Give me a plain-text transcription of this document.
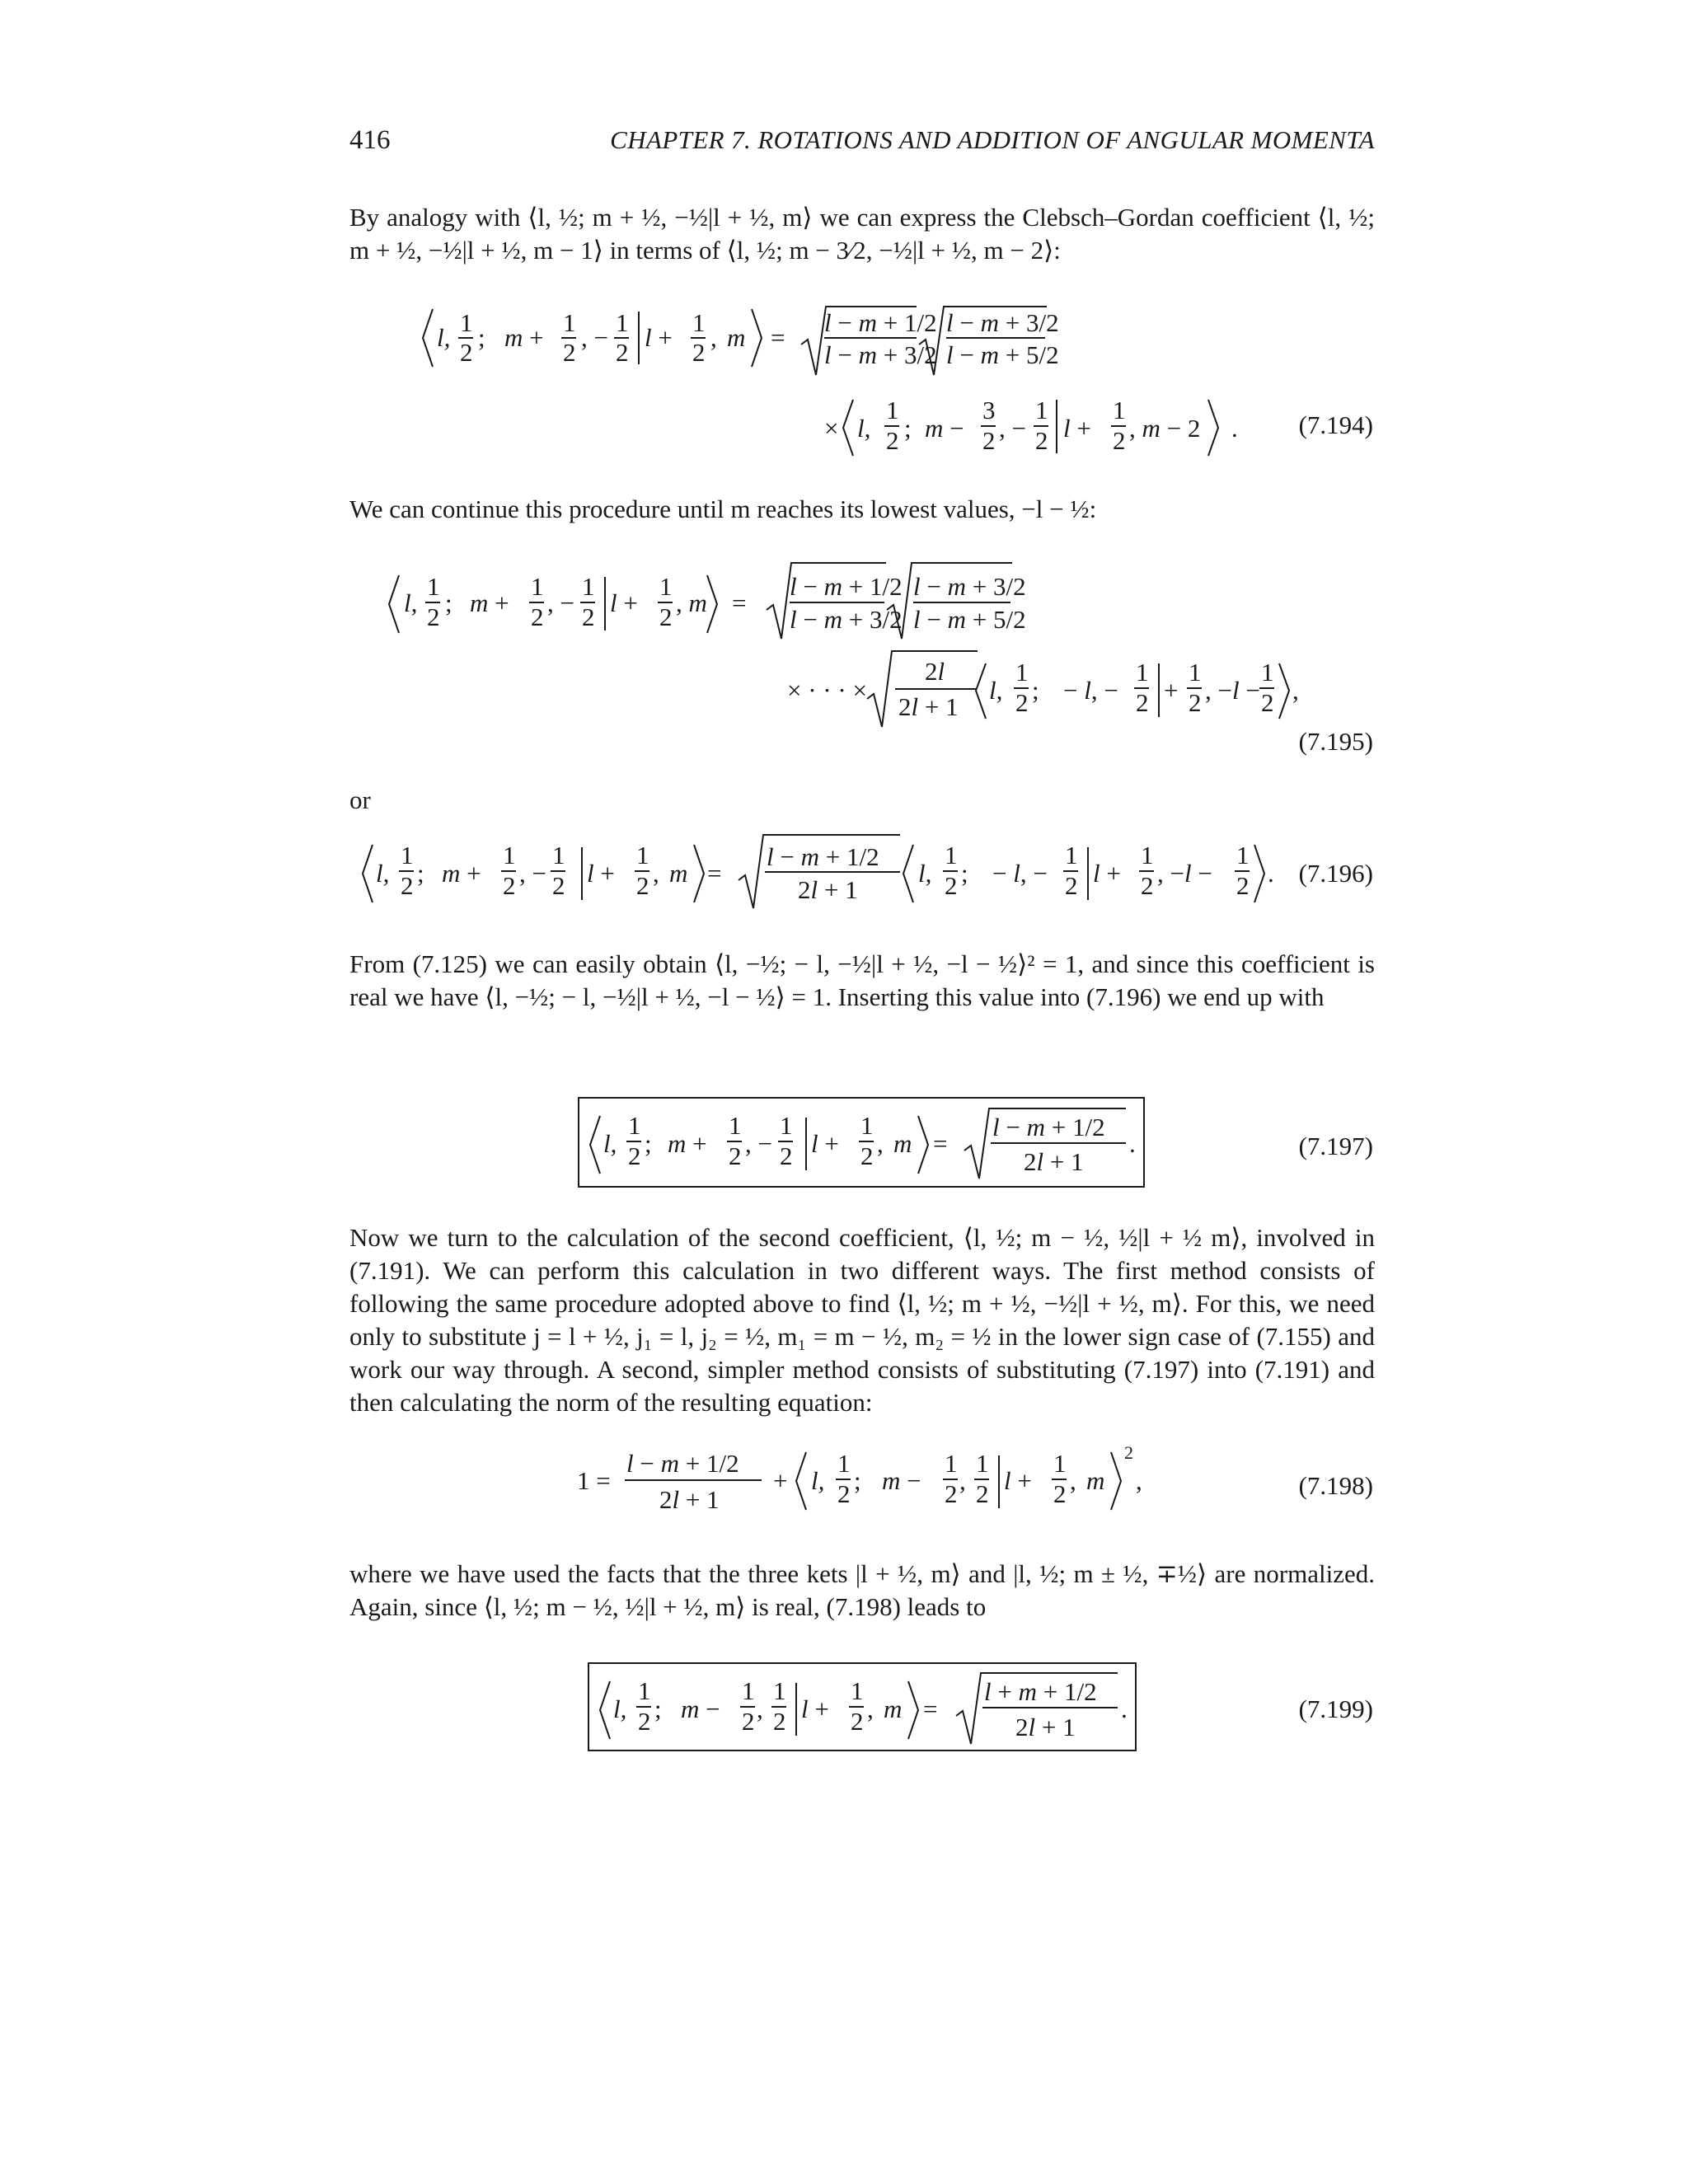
416	CHAPTER 7. ROTATIONS AND ADDITION OF ANGULAR MOMENTA
By analogy with ⟨l, ½; m + ½, −½|l + ½, m⟩ we can express the Clebsch–Gordan coefficient ⟨l, ½; m + ½, −½|l + ½, m − 1⟩ in terms of ⟨l, ½; m − 3⁄2, −½|l + ½, m − 2⟩:
We can continue this procedure until m reaches its lowest values, −l − ½:
or
From (7.125) we can easily obtain ⟨l, −½; − l, −½|l + ½, −l − ½⟩² = 1, and since this coefficient is real we have ⟨l, −½; − l, −½|l + ½, −l − ½⟩ = 1. Inserting this value into (7.196) we end up with
Now we turn to the calculation of the second coefficient, ⟨l, ½; m − ½, ½|l + ½ m⟩, involved in (7.191). We can perform this calculation in two different ways. The first method consists of following the same procedure adopted above to find ⟨l, ½; m + ½, −½|l + ½, m⟩. For this, we need only to substitute j = l + ½, j₁ = l, j₂ = ½, m₁ = m − ½, m₂ = ½ in the lower sign case of (7.155) and work our way through. A second, simpler method consists of substituting (7.197) into (7.191) and then calculating the norm of the resulting equation:
where we have used the facts that the three kets |l + ½, m⟩ and |l, ½; m ± ½, ∓½⟩ are normalized. Again, since ⟨l, ½; m − ½, ½|l + ½, m⟩ is real, (7.198) leads to
(7.194)
(7.195)
(7.196)
(7.197)
(7.198)
(7.199)
l,
1
2
; m +
1
2
, −
1
2
l +
1
2
, m =
l − m + 1/2
l − m + 3/2
l − m + 3/2
l − m + 5/2
× l,
1
2 ; m −
3
2 , −
1
2 l +
1
2 , m − 2 .
l,
1
2 ; m +
1
2 , −
1
2 l +
1
2 , m =
l − m + 1/2
l − m + 3/2
l − m + 3/2
l − m + 5/2
× · · · ×
2l
2l + 1
l,
1
2 ; − l, −
1
2 +
1
2 , −l −
1
2 ,
l,
1
2 ; m +
1
2 , −
1
2 l +
1
2 , m =
l − m + 1/2
2l + 1
l,
1
2 ; − l, −
1
2 l +
1
2 , −l −
1
2 .
l,
1
2 ; m +
1
2 , −
1
2 l +
1
2 , m =
l − m + 1/2
2l + 1
.
1 =
l − m + 1/2
2l + 1
+ l,
1
2 ; m −
1
2 ,
1
2 l +
1
2 , m
2
,
l,
1
2 ; m −
1
2 ,
1
2 l +
1
2 , m =
l + m + 1/2
2l + 1
.
